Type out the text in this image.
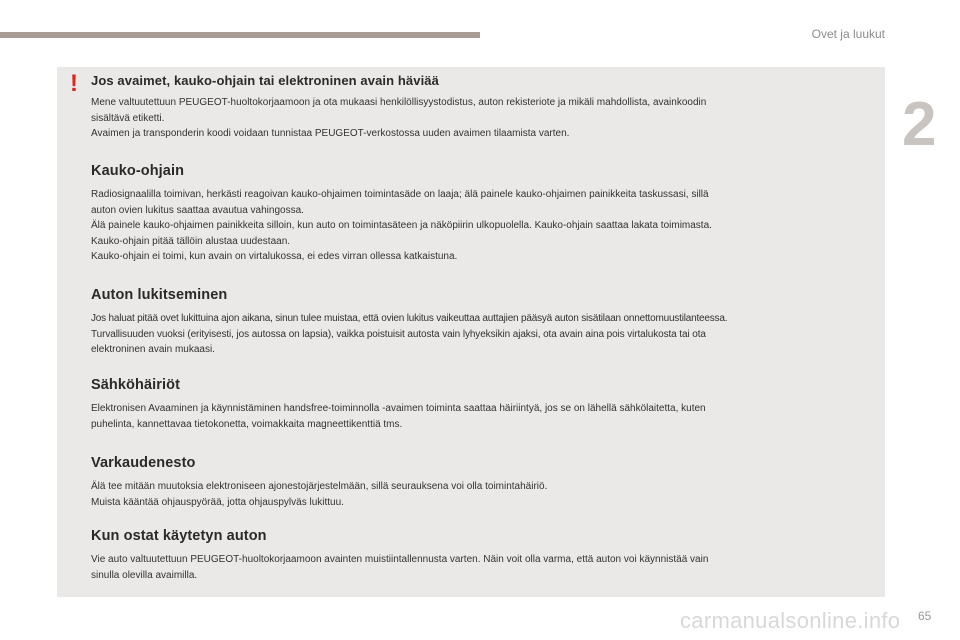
Ovet ja luukut
2
! Jos avaimet, kauko-ohjain tai elektroninen avain häviää

Mene valtuutettuun PEUGEOT-huoltokorjaamoon ja ota mukaasi henkilöllisyystodistus, auton rekisteriote ja mikäli mahdollista, avainkoodin

sisältävä etiketti.

Avaimen ja transponderin koodi voidaan tunnistaa PEUGEOT-verkostossa uuden avaimen tilaamista varten.

Kauko-ohjain

Radiosignaalilla toimivan, herkästi reagoivan kauko-ohjaimen toimintasäde on laaja; älä painele kauko-ohjaimen painikkeita taskussasi, sillä

auton ovien lukitus saattaa avautua vahingossa.

Älä painele kauko-ohjaimen painikkeita silloin, kun auto on toimintasäteen ja näköpiirin ulkopuolella. Kauko-ohjain saattaa lakata toimimasta.

Kauko-ohjain pitää tällöin alustaa uudestaan.

Kauko-ohjain ei toimi, kun avain on virtalukossa, ei edes virran ollessa katkaistuna.

Auton lukitseminen

Jos haluat pitää ovet lukittuina ajon aikana, sinun tulee muistaa, että ovien lukitus vaikeuttaa auttajien pääsyä auton sisätilaan onnettomuustilanteessa.

Turvallisuuden vuoksi (erityisesti, jos autossa on lapsia), vaikka poistuisit autosta vain lyhyeksikin ajaksi, ota avain aina pois virtalukosta tai ota

elektroninen avain mukaasi.

Sähköhäiriöt

Elektronisen Avaaminen ja käynnistäminen handsfree-toiminnolla -avaimen toiminta saattaa häiriintyä, jos se on lähellä sähkölaitetta, kuten

puhelinta, kannettavaa tietokonetta, voimakkaita magneettikenttiä tms.

Varkaudenesto

Älä tee mitään muutoksia elektroniseen ajonestojärjestelmään, sillä seurauksena voi olla toimintahäiriö.

Muista kääntää ohjauspyörää, jotta ohjauspylväs lukittuu.

Kun ostat käytetyn auton

Vie auto valtuutettuun PEUGEOT-huoltokorjaamoon avainten muistiintallennusta varten. Näin voit olla varma, että auton voi käynnistää vain

sinulla olevilla avaimilla.

carmanualsonline.info 65
